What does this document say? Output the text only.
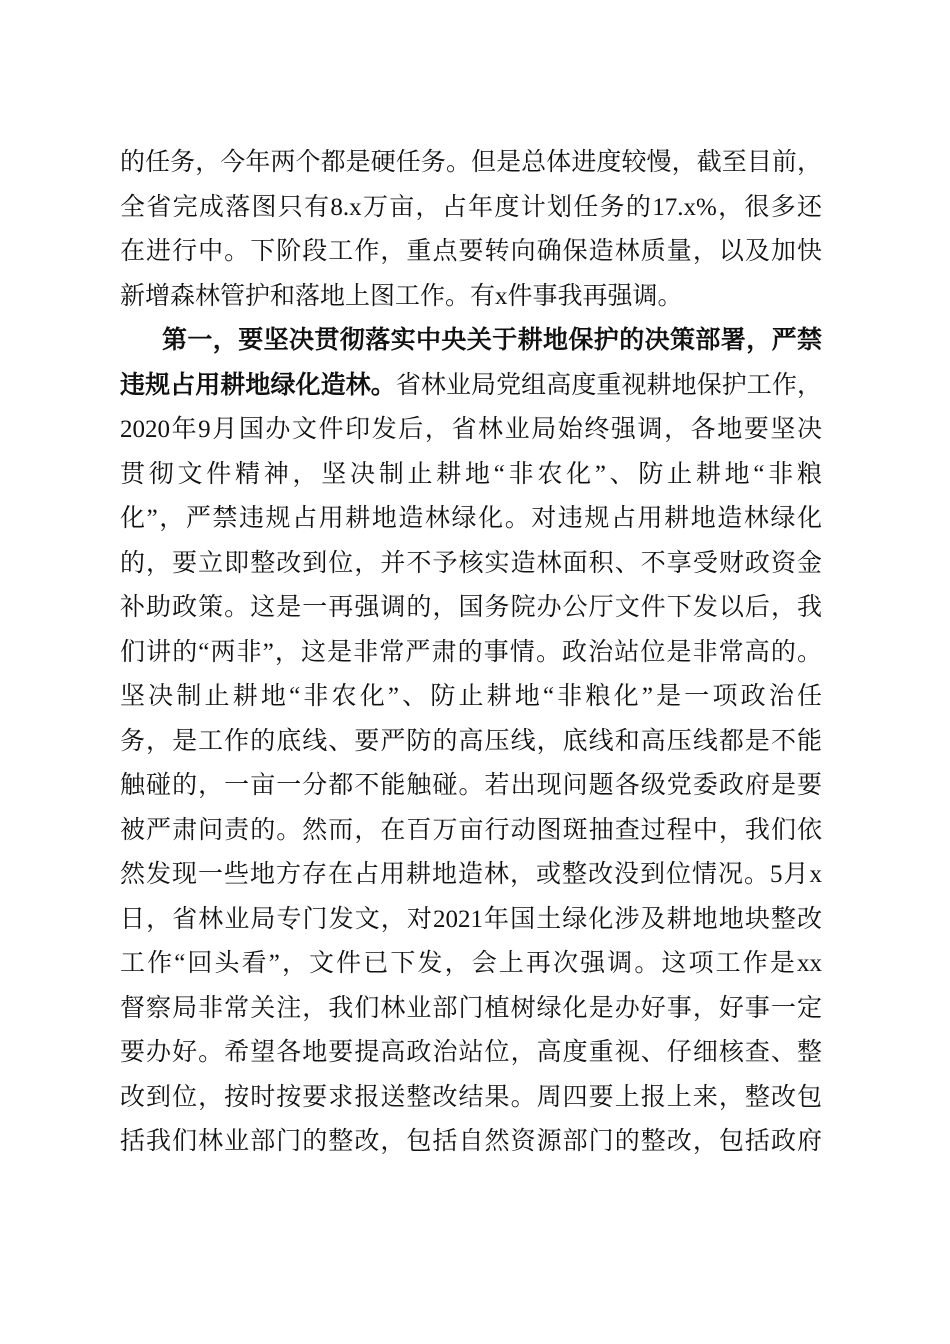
的任务，今年两个都是硬任务。但是总体进度较慢，截至目前，
全省完成落图只有8.x万亩，占年度计划任务的17.x%，很多还
在进行中。下阶段工作，重点要转向确保造林质量，以及加快
新增森林管护和落地上图工作。有x件事我再强调。
第一，要坚决贯彻落实中央关于耕地保护的决策部署，严禁
违规占用耕地绿化造林。省林业局党组高度重视耕地保护工作，
2020年9月国办文件印发后，省林业局始终强调，各地要坚决
贯彻文件精神，坚决制止耕地“非农化”、防止耕地“非粮
化”，严禁违规占用耕地造林绿化。对违规占用耕地造林绿化
的，要立即整改到位，并不予核实造林面积、不享受财政资金
补助政策。这是一再强调的，国务院办公厅文件下发以后，我
们讲的“两非”，这是非常严肃的事情。政治站位是非常高的。
坚决制止耕地“非农化”、防止耕地“非粮化”是一项政治任
务，是工作的底线、要严防的高压线，底线和高压线都是不能
触碰的，一亩一分都不能触碰。若出现问题各级党委政府是要
被严肃问责的。然而，在百万亩行动图斑抽查过程中，我们依
然发现一些地方存在占用耕地造林，或整改没到位情况。5月x
日，省林业局专门发文，对2021年国土绿化涉及耕地地块整改
工作“回头看”，文件已下发，会上再次强调。这项工作是xx
督察局非常关注，我们林业部门植树绿化是办好事，好事一定
要办好。希望各地要提高政治站位，高度重视、仔细核查、整
改到位，按时按要求报送整改结果。周四要上报上来，整改包
括我们林业部门的整改，包括自然资源部门的整改，包括政府
